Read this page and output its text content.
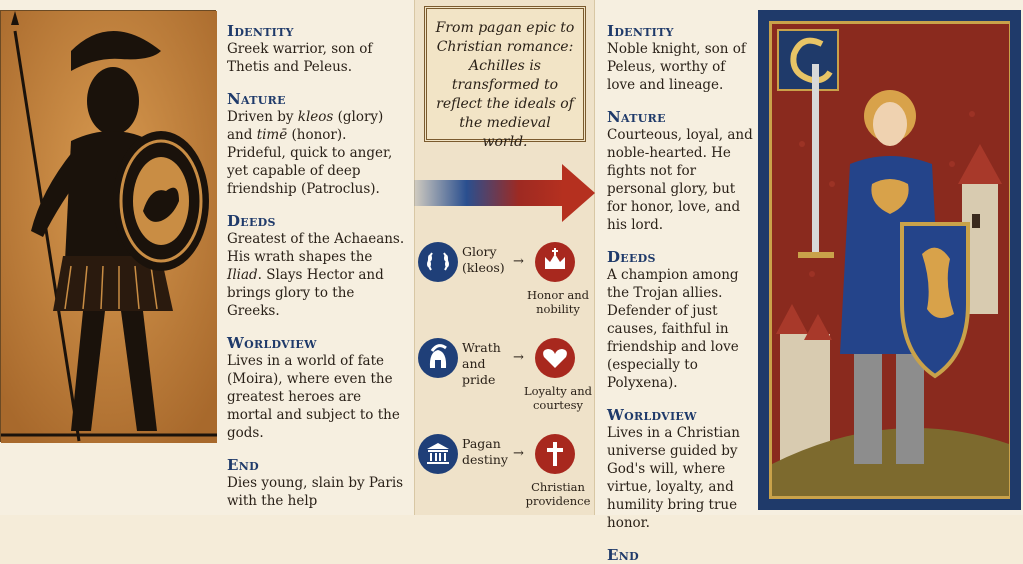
Identity
Greek warrior, son of Thetis and Peleus.
Nature
Driven by kleos (glory) and timē (honor). Prideful, quick to anger, yet capable of deep friendship (Patroclus).
Deeds
Greatest of the Achaeans. His wrath shapes the Iliad. Slays Hector and brings glory to the Greeks.
Worldview
Lives in a world of fate (Moira), where even the greatest heroes are mortal and subject to the gods.
End
Dies young, slain by Paris with the help
From pagan epic to Christian romance: Achilles is transformed to reflect the ideals of the medieval world.
Glory (kleos) →
Honor and nobility
Wrath and pride
→
Loyalty and courtesy
Pagan destiny →
Christian providence
Identity
Noble knight, son of Peleus, worthy of love and lineage.
Nature
Courteous, loyal, and noble-hearted. He fights not for personal glory, but for honor, love, and his lord.
Deeds
A champion among the Trojan allies. Defender of just causes, faithful in friendship and love (especially to Polyxena).
Worldview
Lives in a Christian universe guided by God's will, where virtue, loyalty, and humility bring true honor.
End
